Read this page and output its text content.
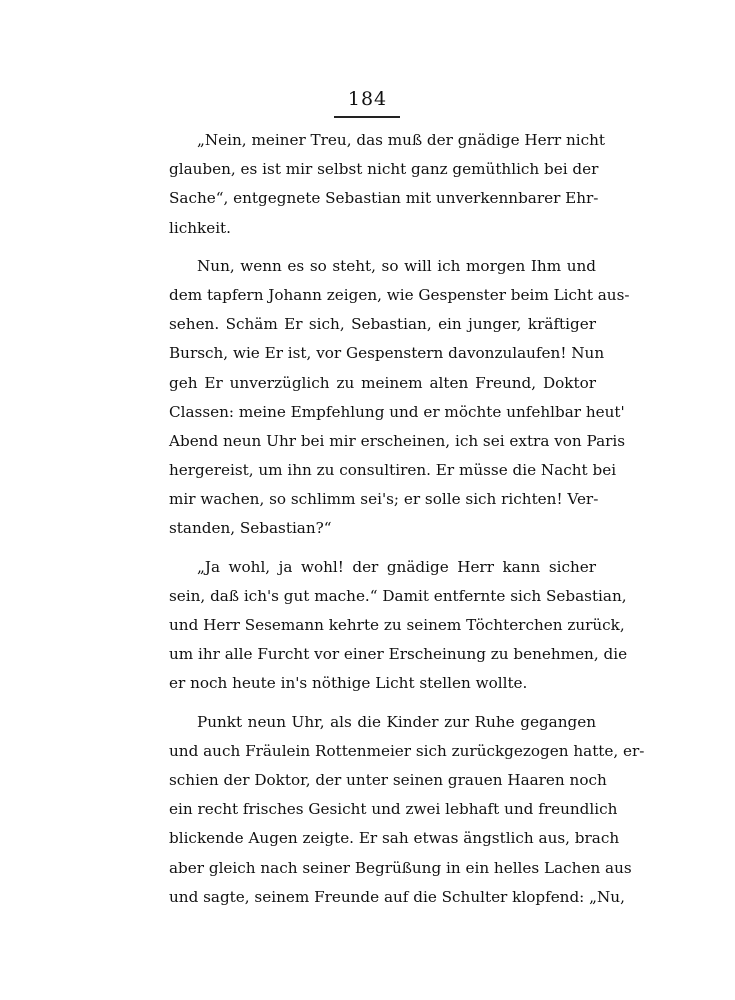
184
„Nein, meiner Treu, das muß der gnädige Herr nicht
glauben, es ist mir selbst nicht ganz gemüthlich bei der
Sache“, entgegnete Sebastian mit unverkennbarer Ehr-
lichkeit.
Nun, wenn es so steht, so will ich morgen Ihm und
dem tapfern Johann zeigen, wie Gespenster beim Licht aus-
sehen. Schäm Er sich, Sebastian, ein junger, kräftiger
Bursch, wie Er ist, vor Gespenstern davonzulaufen! Nun
geh Er unverzüglich zu meinem alten Freund, Doktor
Classen: meine Empfehlung und er möchte unfehlbar heut'
Abend neun Uhr bei mir erscheinen, ich sei extra von Paris
hergereist, um ihn zu consultiren. Er müsse die Nacht bei
mir wachen, so schlimm sei's; er solle sich richten! Ver-
standen, Sebastian?“
„Ja wohl, ja wohl! der gnädige Herr kann sicher
sein, daß ich's gut mache.“ Damit entfernte sich Sebastian,
und Herr Sesemann kehrte zu seinem Töchterchen zurück,
um ihr alle Furcht vor einer Erscheinung zu benehmen, die
er noch heute in's nöthige Licht stellen wollte.
Punkt neun Uhr, als die Kinder zur Ruhe gegangen
und auch Fräulein Rottenmeier sich zurückgezogen hatte, er-
schien der Doktor, der unter seinen grauen Haaren noch
ein recht frisches Gesicht und zwei lebhaft und freundlich
blickende Augen zeigte. Er sah etwas ängstlich aus, brach
aber gleich nach seiner Begrüßung in ein helles Lachen aus
und sagte, seinem Freunde auf die Schulter klopfend: „Nu,
